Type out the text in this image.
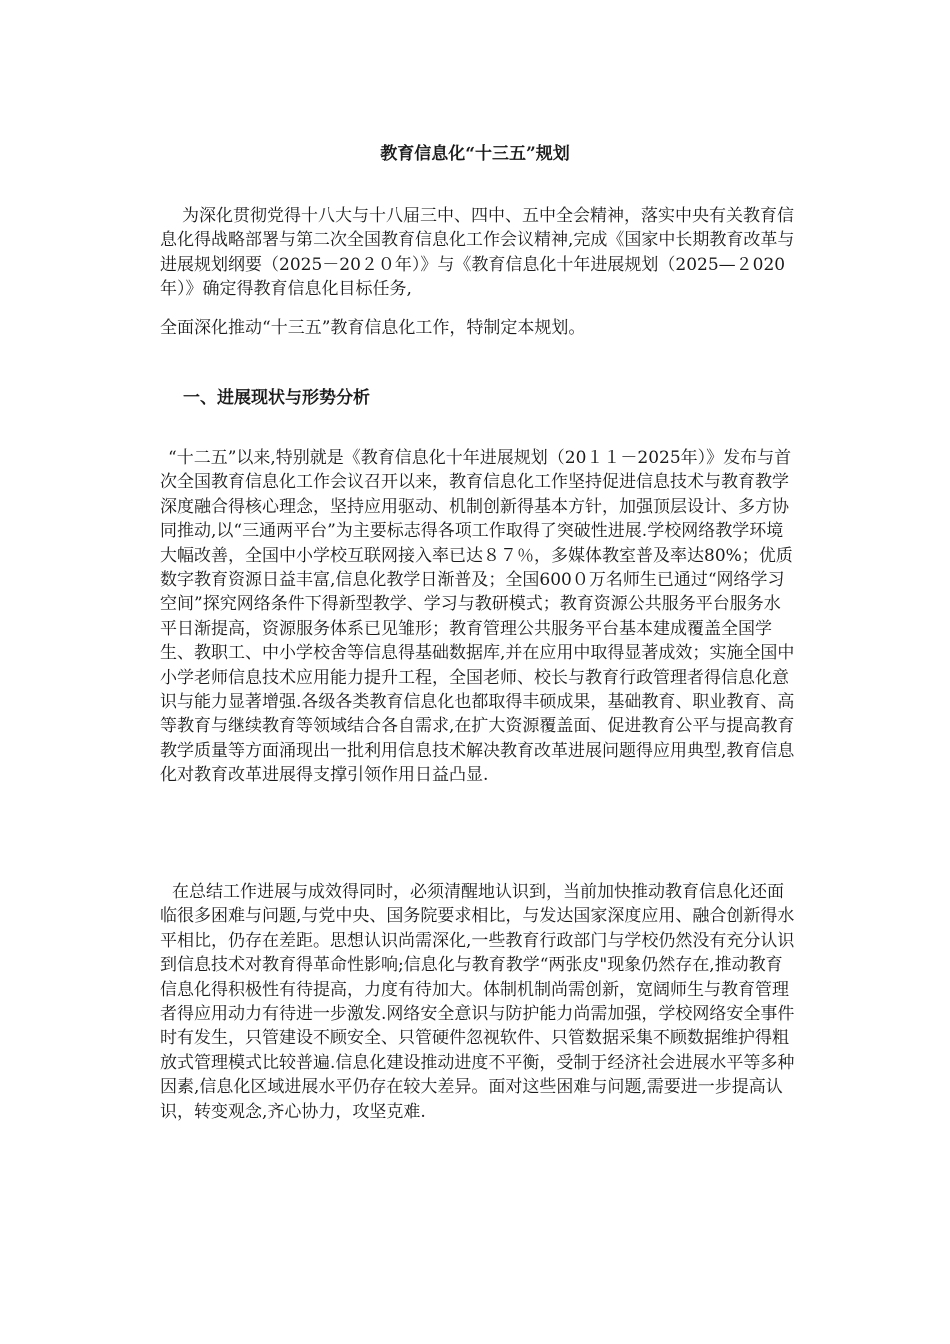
教育信息化“十三五”规划

为深化贯彻党得十八大与十八届三中、四中、五中全会精神，落实中央有关教育信息化得战略部署与第二次全国教育信息化工作会议精神,完成《国家中长期教育改革与进展规划纲要（2025－20２０年）》与《教育信息化十年进展规划（2025—２020年）》确定得教育信息化目标任务,

全面深化推动“十三五”教育信息化工作，特制定本规划。

一、进展现状与形势分析

“十二五”以来,特别就是《教育信息化十年进展规划（20１１－2025年）》发布与首次全国教育信息化工作会议召开以来，教育信息化工作坚持促进信息技术与教育教学深度融合得核心理念，坚持应用驱动、机制创新得基本方针，加强顶层设计、多方协同推动,以“三通两平台”为主要标志得各项工作取得了突破性进展.学校网络教学环境大幅改善，全国中小学校互联网接入率已达８７％，多媒体教室普及率达80%；优质数字教育资源日益丰富,信息化教学日渐普及；全国600０万名师生已通过“网络学习空间”探究网络条件下得新型教学、学习与教研模式；教育资源公共服务平台服务水平日渐提高，资源服务体系已见雏形；教育管理公共服务平台基本建成覆盖全国学生、教职工、中小学校舍等信息得基础数据库,并在应用中取得显著成效；实施全国中小学老师信息技术应用能力提升工程，全国老师、校长与教育行政管理者得信息化意识与能力显著增强.各级各类教育信息化也都取得丰硕成果，基础教育、职业教育、高等教育与继续教育等领域结合各自需求,在扩大资源覆盖面、促进教育公平与提高教育教学质量等方面涌现出一批利用信息技术解决教育改革进展问题得应用典型,教育信息化对教育改革进展得支撑引领作用日益凸显.

在总结工作进展与成效得同时，必须清醒地认识到，当前加快推动教育信息化还面临很多困难与问题,与党中央、国务院要求相比，与发达国家深度应用、融合创新得水平相比，仍存在差距。思想认识尚需深化,一些教育行政部门与学校仍然没有充分认识到信息技术对教育得革命性影响;信息化与教育教学“两张皮"现象仍然存在,推动教育信息化得积极性有待提高，力度有待加大。体制机制尚需创新，宽阔师生与教育管理者得应用动力有待进一步激发.网络安全意识与防护能力尚需加强，学校网络安全事件时有发生，只管建设不顾安全、只管硬件忽视软件、只管数据采集不顾数据维护得粗放式管理模式比较普遍.信息化建设推动进度不平衡，受制于经济社会进展水平等多种因素,信息化区域进展水平仍存在较大差异。面对这些困难与问题,需要进一步提高认识，转变观念,齐心协力，攻坚克难.
